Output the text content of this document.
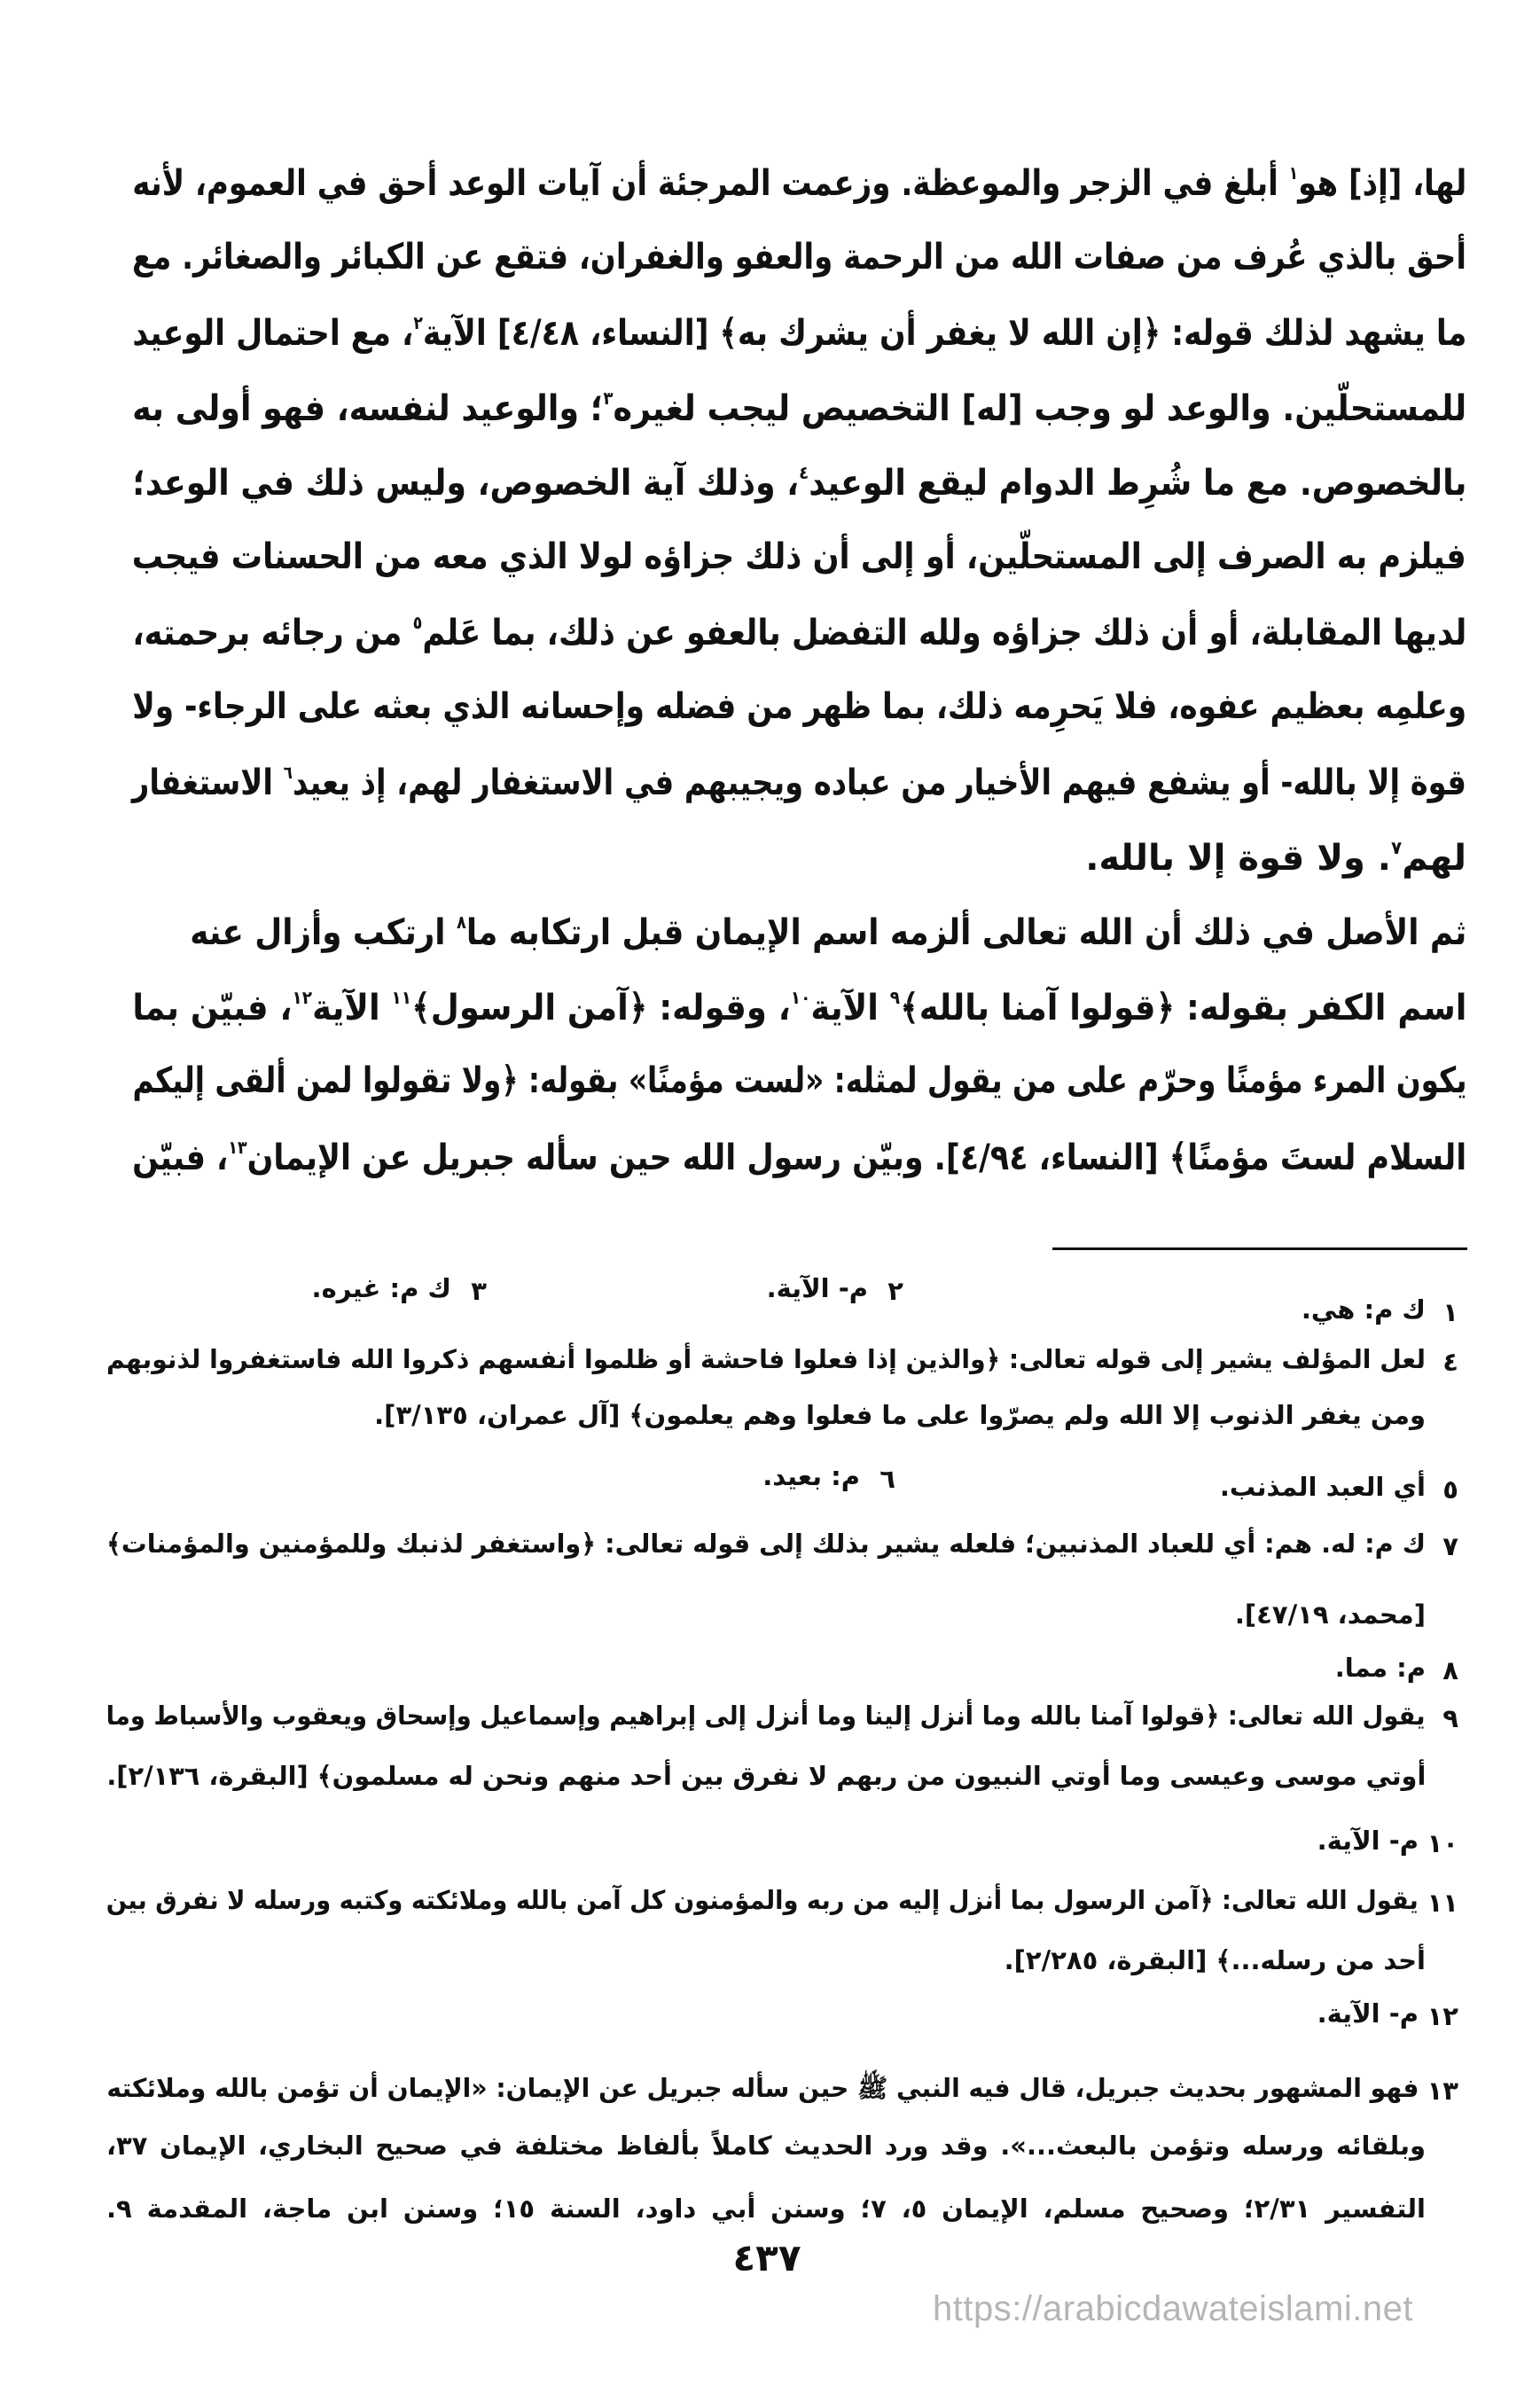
لها، [إذ] هو$^١$ أبلغ في الزجر والموعظة. وزعمت المرجئة أن آيات الوعد أحق في العموم، لأنه
أحق بالذي عُرف من صفات الله من الرحمة والعفو والغفران، فتقع عن الكبائر والصغائر. مع
ما يشهد لذلك قوله: ﴿إن الله لا يغفر أن يشرك به﴾ [النساء، ٤/٤٨] الآية$^٢$، مع احتمال الوعيد
للمستحلّين. والوعد لو وجب [له] التخصيص ليجب لغيره$^٣$؛ والوعيد لنفسه، فهو أولى به
بالخصوص. مع ما شُرِط الدوام ليقع الوعيد$^٤$، وذلك آية الخصوص، وليس ذلك في الوعد؛
فيلزم به الصرف إلى المستحلّين، أو إلى أن ذلك جزاؤه لولا الذي معه من الحسنات فيجب
لديها المقابلة، أو أن ذلك جزاؤه ولله التفضل بالعفو عن ذلك، بما عَلم$^٥$ من رجائه برحمته،
وعلمِه بعظيم عفوه، فلا يَحرِمه ذلك، بما ظهر من فضله وإحسانه الذي بعثه على الرجاء- ولا
قوة إلا بالله- أو يشفع فيهم الأخيار من عباده ويجيبهم في الاستغفار لهم، إذ يعيد$^٦$ الاستغفار
لهم$^٧$. ولا قوة إلا بالله.
ثم الأصل في ذلك أن الله تعالى ألزمه اسم الإيمان قبل ارتكابه ما$^٨$ ارتكب وأزال عنه
اسم الكفر بقوله: ﴿قولوا آمنا بالله﴾$^٩$ الآية$^{١٠}$، وقوله: ﴿آمن الرسول﴾$^{١١}$ الآية$^{١٢}$، فبيّن بما
يكون المرء مؤمنًا وحرّم على من يقول لمثله: «لست مؤمنًا» بقوله: ﴿ولا تقولوا لمن ألقى إليكم
السلام لستَ مؤمنًا﴾ [النساء، ٤/٩٤]. وبيّن رسول الله حين سأله جبريل عن الإيمان$^{١٣}$، فبيّن
١
ك م: هي.
٢
م- الآية.
٣
ك م: غيره.
٤
لعل المؤلف يشير إلى قوله تعالى: ﴿والذين إذا فعلوا فاحشة أو ظلموا أنفسهم ذكروا الله فاستغفروا لذنوبهم
ومن يغفر الذنوب إلا الله ولم يصرّوا على ما فعلوا وهم يعلمون﴾ [آل عمران، ٣/١٣٥].
٥
أي العبد المذنب.
٦
م: بعيد.
٧
ك م: له. هم: أي للعباد المذنبين؛ فلعله يشير بذلك إلى قوله تعالى: ﴿واستغفر لذنبك وللمؤمنين والمؤمنات﴾
[محمد، ٤٧/١٩].
٨
م: مما.
٩
يقول الله تعالى: ﴿قولوا آمنا بالله وما أنزل إلينا وما أنزل إلى إبراهيم وإسماعيل وإسحاق ويعقوب والأسباط وما
أوتي موسى وعيسى وما أوتي النبيون من ربهم لا نفرق بين أحد منهم ونحن له مسلمون﴾ [البقرة، ٢/١٣٦].
١٠
م- الآية.
١١
يقول الله تعالى: ﴿آمن الرسول بما أنزل إليه من ربه والمؤمنون كل آمن بالله وملائكته وكتبه ورسله لا نفرق بين
أحد من رسله...﴾ [البقرة، ٢/٢٨٥].
١٢
م- الآية.
١٣
فهو المشهور بحديث جبريل، قال فيه النبي ﷺ حين سأله جبريل عن الإيمان: «الإيمان أن تؤمن بالله وملائكته
وبلقائه ورسله وتؤمن بالبعث...». وقد ورد الحديث كاملاً بألفاظ مختلفة في صحيح البخاري، الإيمان ٣٧،
التفسير ٢/٣١؛ وصحيح مسلم، الإيمان ٥، ٧؛ وسنن أبي داود، السنة ١٥؛ وسنن ابن ماجة، المقدمة ٩.
٤٣٧
https://arabicdawateislami.net
